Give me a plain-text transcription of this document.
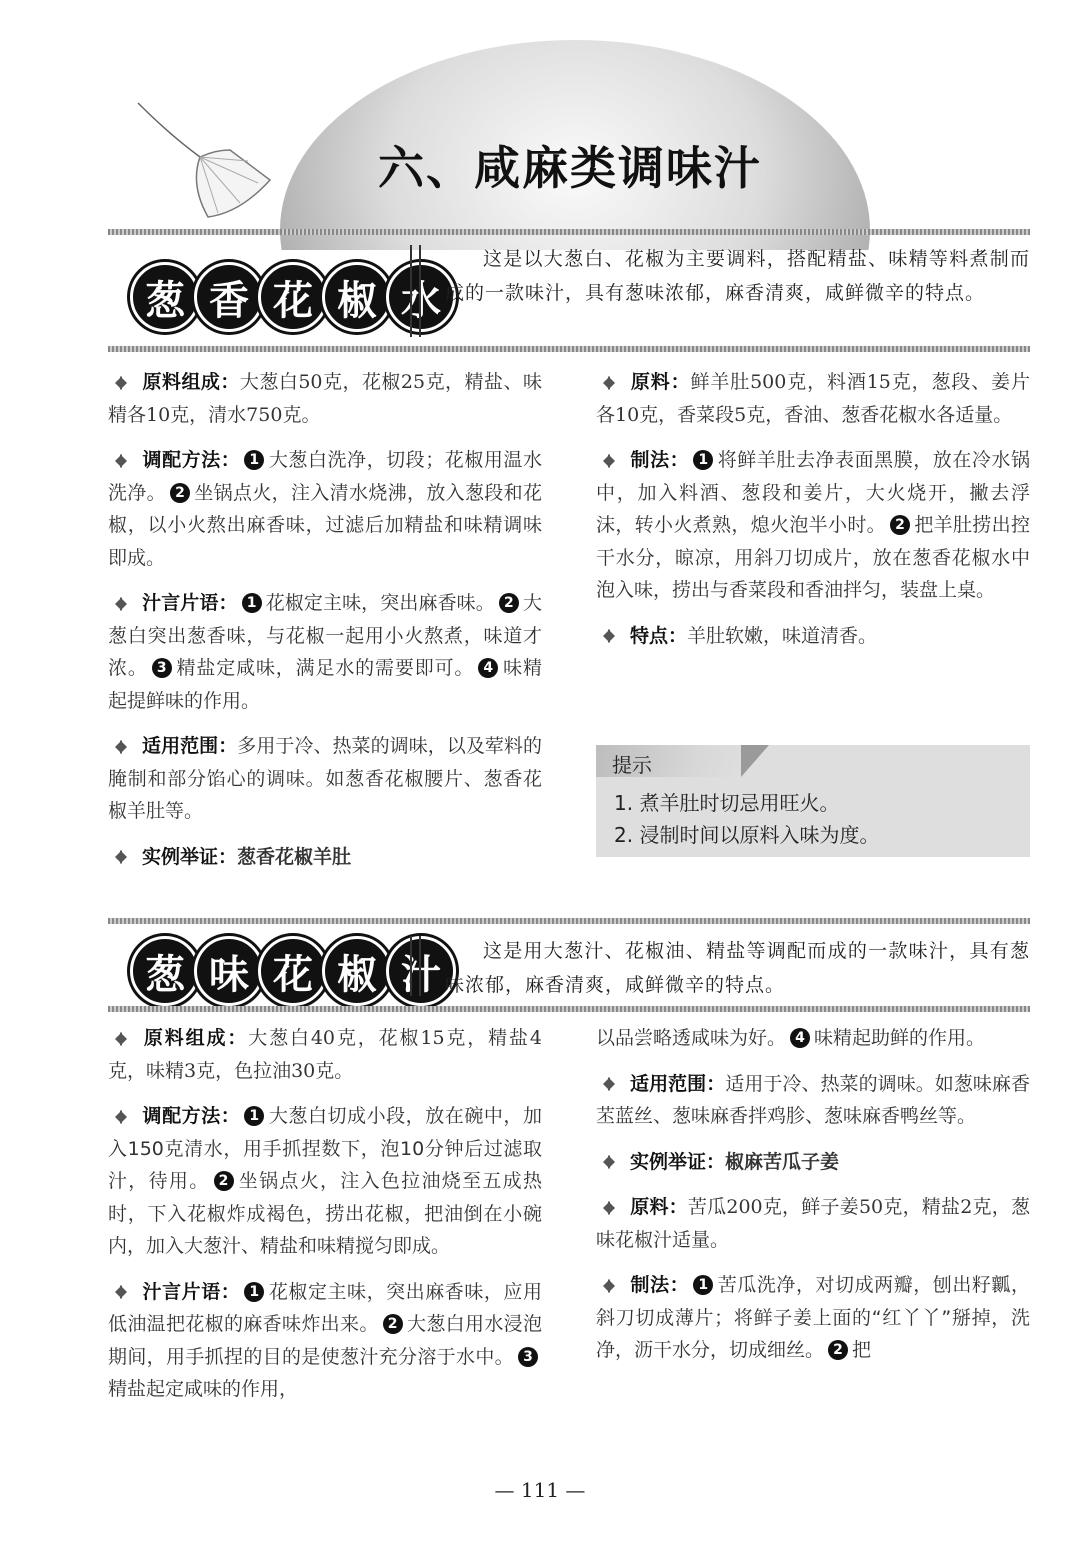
六、咸麻类调味汁
葱 香 花 椒 水
这是以大葱白、花椒为主要调料，搭配精盐、味精等料煮制而成的一款味汁，具有葱味浓郁，麻香清爽，咸鲜微辛的特点。

原料组成：大葱白50克，花椒25克，精盐、味精各10克，清水750克。

调配方法： 1 大葱白洗净，切段；花椒用温水洗净。 2 坐锅点火，注入清水烧沸，放入葱段和花椒，以小火熬出麻香味，过滤后加精盐和味精调味即成。

汁言片语： 1 花椒定主味，突出麻香味。 2 大葱白突出葱香味，与花椒一起用小火熬煮，味道才浓。 3 精盐定咸味，满足水的需要即可。 4 味精起提鲜味的作用。

适用范围：多用于冷、热菜的调味，以及荤料的腌制和部分馅心的调味。如葱香花椒腰片、葱香花椒羊肚等。

实例举证：葱香花椒羊肚

原料：鲜羊肚500克，料酒15克，葱段、姜片各10克，香菜段5克，香油、葱香花椒水各适量。

制法： 1 将鲜羊肚去净表面黑膜，放在冷水锅中，加入料酒、葱段和姜片，大火烧开，撇去浮沫，转小火煮熟，熄火泡半小时。 2 把羊肚捞出控干水分，晾凉，用斜刀切成片，放在葱香花椒水中泡入味，捞出与香菜段和香油拌匀，装盘上桌。

特点：羊肚软嫩，味道清香。

提示
1. 煮羊肚时切忌用旺火。
2. 浸制时间以原料入味为度。
葱 味 花 椒 汁
这是用大葱汁、花椒油、精盐等调配而成的一款味汁，具有葱味浓郁，麻香清爽，咸鲜微辛的特点。

原料组成：大葱白40克，花椒15克，精盐4克，味精3克，色拉油30克。

调配方法： 1 大葱白切成小段，放在碗中，加入150克清水，用手抓捏数下，泡10分钟后过滤取汁，待用。 2 坐锅点火，注入色拉油烧至五成热时，下入花椒炸成褐色，捞出花椒，把油倒在小碗内，加入大葱汁、精盐和味精搅匀即成。

汁言片语： 1 花椒定主味，突出麻香味，应用低油温把花椒的麻香味炸出来。 2 大葱白用水浸泡期间，用手抓捏的目的是使葱汁充分溶于水中。 3精盐起定咸味的作用，

以品尝略透咸味为好。 4 味精起助鲜的作用。

适用范围：适用于冷、热菜的调味。如葱味麻香苤蓝丝、葱味麻香拌鸡胗、葱味麻香鸭丝等。

实例举证：椒麻苦瓜子姜

原料：苦瓜200克，鲜子姜50克，精盐2克，葱味花椒汁适量。

制法： 1 苦瓜洗净，对切成两瓣，刨出籽瓤，斜刀切成薄片；将鲜子姜上面的“红丫丫”掰掉，洗净，沥干水分，切成细丝。 2 把

— 111 —
